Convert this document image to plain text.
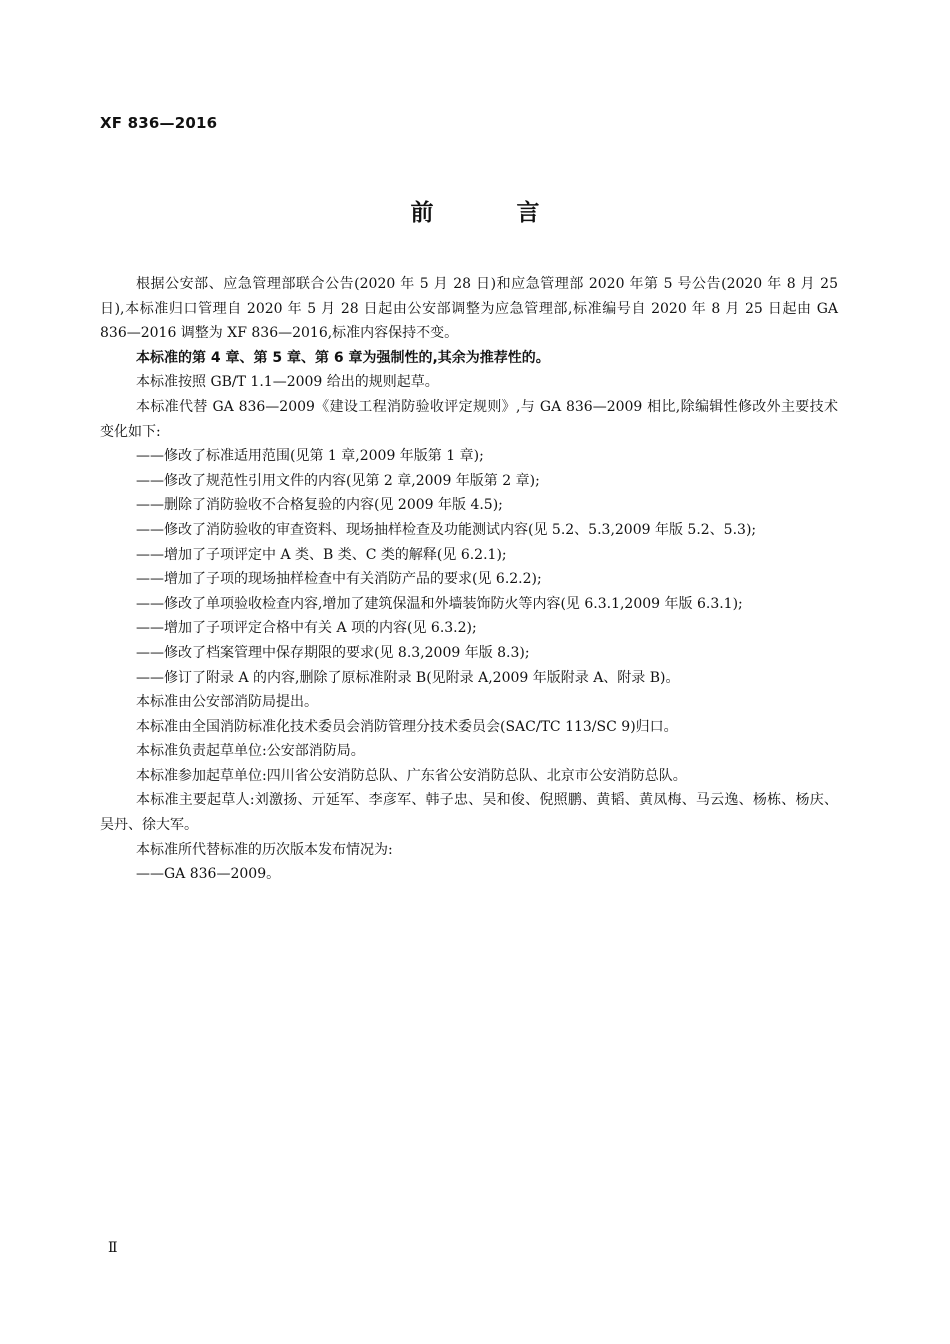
XF 836—2016
前　言

根据公安部、应急管理部联合公告(2020 年 5 月 28 日)和应急管理部 2020 年第 5 号公告(2020 年 8 月 25 日),本标准归口管理自 2020 年 5 月 28 日起由公安部调整为应急管理部,标准编号自 2020 年 8 月 25 日起由 GA 836—2016 调整为 XF 836—2016,标准内容保持不变。

本标准的第 4 章、第 5 章、第 6 章为强制性的,其余为推荐性的。

本标准按照 GB/T 1.1—2009 给出的规则起草。

本标准代替 GA 836—2009《建设工程消防验收评定规则》,与 GA 836—2009 相比,除编辑性修改外主要技术变化如下:

——修改了标准适用范围(见第 1 章,2009 年版第 1 章);

——修改了规范性引用文件的内容(见第 2 章,2009 年版第 2 章);

——删除了消防验收不合格复验的内容(见 2009 年版 4.5);

——修改了消防验收的审查资料、现场抽样检查及功能测试内容(见 5.2、5.3,2009 年版 5.2、5.3);

——增加了子项评定中 A 类、B 类、C 类的解释(见 6.2.1);

——增加了子项的现场抽样检查中有关消防产品的要求(见 6.2.2);

——修改了单项验收检查内容,增加了建筑保温和外墙装饰防火等内容(见 6.3.1,2009 年版 6.3.1);

——增加了子项评定合格中有关 A 项的内容(见 6.3.2);

——修改了档案管理中保存期限的要求(见 8.3,2009 年版 8.3);

——修订了附录 A 的内容,删除了原标准附录 B(见附录 A,2009 年版附录 A、附录 B)。

本标准由公安部消防局提出。

本标准由全国消防标准化技术委员会消防管理分技术委员会(SAC/TC 113/SC 9)归口。

本标准负责起草单位:公安部消防局。

本标准参加起草单位:四川省公安消防总队、广东省公安消防总队、北京市公安消防总队。

本标准主要起草人:刘激扬、亓延军、李彦军、韩子忠、吴和俊、倪照鹏、黄韬、黄凤梅、马云逸、杨栋、杨庆、吴丹、徐大军。

本标准所代替标准的历次版本发布情况为:

——GA 836—2009。

Ⅱ
